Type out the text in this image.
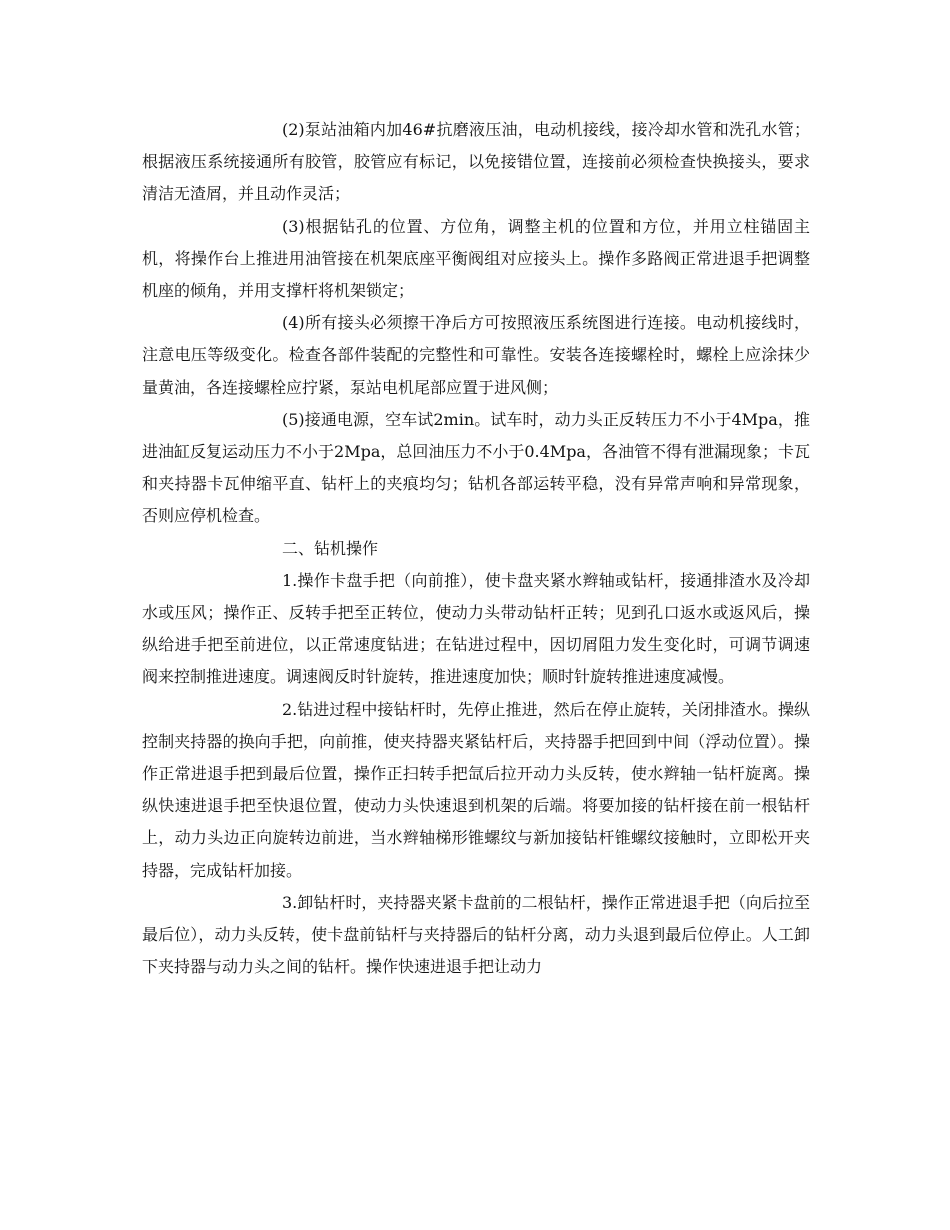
(2)泵站油箱内加46#抗磨液压油，电动机接线，接冷却水管和洗孔水管；根据液压系统接通所有胶管，胶管应有标记，以免接错位置，连接前必须检查快换接头，要求清洁无渣屑，并且动作灵活；

(3)根据钻孔的位置、方位角，调整主机的位置和方位，并用立柱锚固主机，将操作台上推进用油管接在机架底座平衡阀组对应接头上。操作多路阀正常进退手把调整机座的倾角，并用支撑杆将机架锁定；

(4)所有接头必须擦干净后方可按照液压系统图进行连接。电动机接线时，注意电压等级变化。检查各部件装配的完整性和可靠性。安装各连接螺栓时，螺栓上应涂抹少量黄油，各连接螺栓应拧紧，泵站电机尾部应置于进风侧；

(5)接通电源，空车试2min。试车时，动力头正反转压力不小于4Mpa，推进油缸反复运动压力不小于2Mpa，总回油压力不小于0.4Mpa，各油管不得有泄漏现象；卡瓦和夹持器卡瓦伸缩平直、钻杆上的夹痕均匀；钻机各部运转平稳，没有异常声响和异常现象，否则应停机检查。

二、钻机操作

1.操作卡盘手把（向前推），使卡盘夹紧水辫轴或钻杆，接通排渣水及冷却水或压风；操作正、反转手把至正转位，使动力头带动钻杆正转；见到孔口返水或返风后，操纵给进手把至前进位，以正常速度钻进；在钻进过程中，因切屑阻力发生变化时，可调节调速阀来控制推进速度。调速阀反时针旋转，推进速度加快；顺时针旋转推进速度减慢。

2.钻进过程中接钻杆时，先停止推进，然后在停止旋转，关闭排渣水。操纵控制夹持器的换向手把，向前推，使夹持器夹紧钻杆后，夹持器手把回到中间（浮动位置）。操作正常进退手把到最后位置，操作正扫转手把氙后拉开动力头反转，使水辫轴一钻杆旋离。操纵快速进退手把至快退位置，使动力头快速退到机架的后端。将要加接的钻杆接在前一根钻杆上，动力头边正向旋转边前进，当水辫轴梯形锥螺纹与新加接钻杆锥螺纹接触时，立即松开夹持器，完成钻杆加接。

3.卸钻杆时，夹持器夹紧卡盘前的二根钻杆，操作正常进退手把（向后拉至最后位），动力头反转，使卡盘前钻杆与夹持器后的钻杆分离，动力头退到最后位停止。人工卸下夹持器与动力头之间的钻杆。操作快速进退手把让动力
